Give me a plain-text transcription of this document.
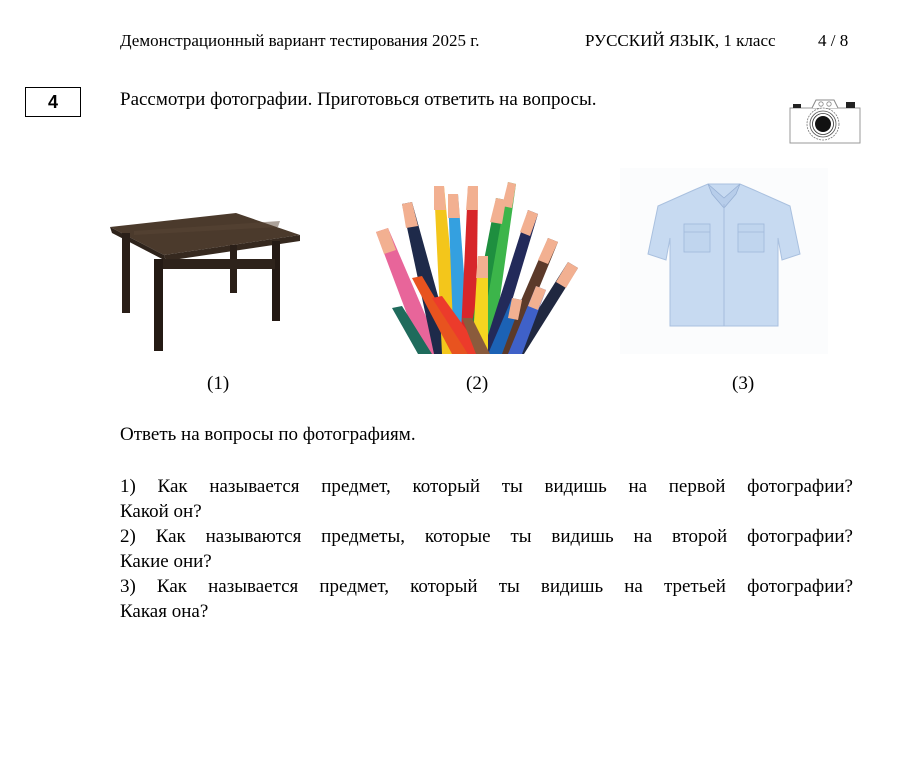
Демонстрационный вариант тестирования 2025 г.	РУССКИЙ ЯЗЫК, 1 класс 4 / 8
4	Рассмотри фотографии. Приготовься ответить на вопросы.
(1)	(2)	(3)
Ответь на вопросы по фотографиям.
1) Как называется предмет, который ты видишь на первой фотографии?
Какой он?
2) Как называются предметы, которые ты видишь на второй фотографии?
Какие они?
3) Как называется предмет, который ты видишь на третьей фотографии?
Какая она?
